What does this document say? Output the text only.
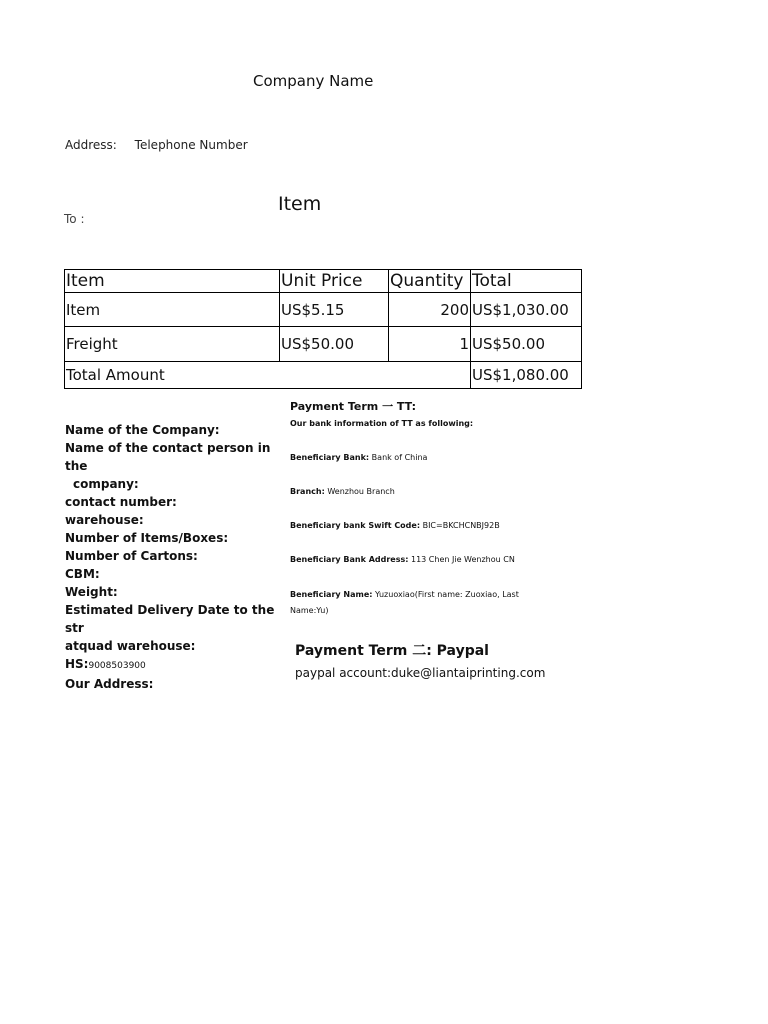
Company Name
Address: Telephone Number
Item
To :
Item	Unit Price	Quantity	Total
Item	US$5.15	200	US$1,030.00
Freight	US$50.00	1	US$50.00
Total Amount			US$1,080.00
Name of the Company:
Name of the contact person in the
company:
contact number:
warehouse:
Number of Items/Boxes:
Number of Cartons:
CBM:
Weight:
Estimated Delivery Date to the str
atquad warehouse:
HS:9008503900
Our Address:
Payment Term 一 TT:
Our bank information of TT as following:
Beneficiary Bank: Bank of China
Branch: Wenzhou Branch
Beneficiary bank Swift Code: BIC=BKCHCNBJ92B
Beneficiary Bank Address: 113 Chen Jie Wenzhou CN
Beneficiary Name: Yuzuoxiao(First name: Zuoxiao, Last
Name:Yu)
Payment Term 二: Paypal
paypal account:duke@liantaiprinting.com
